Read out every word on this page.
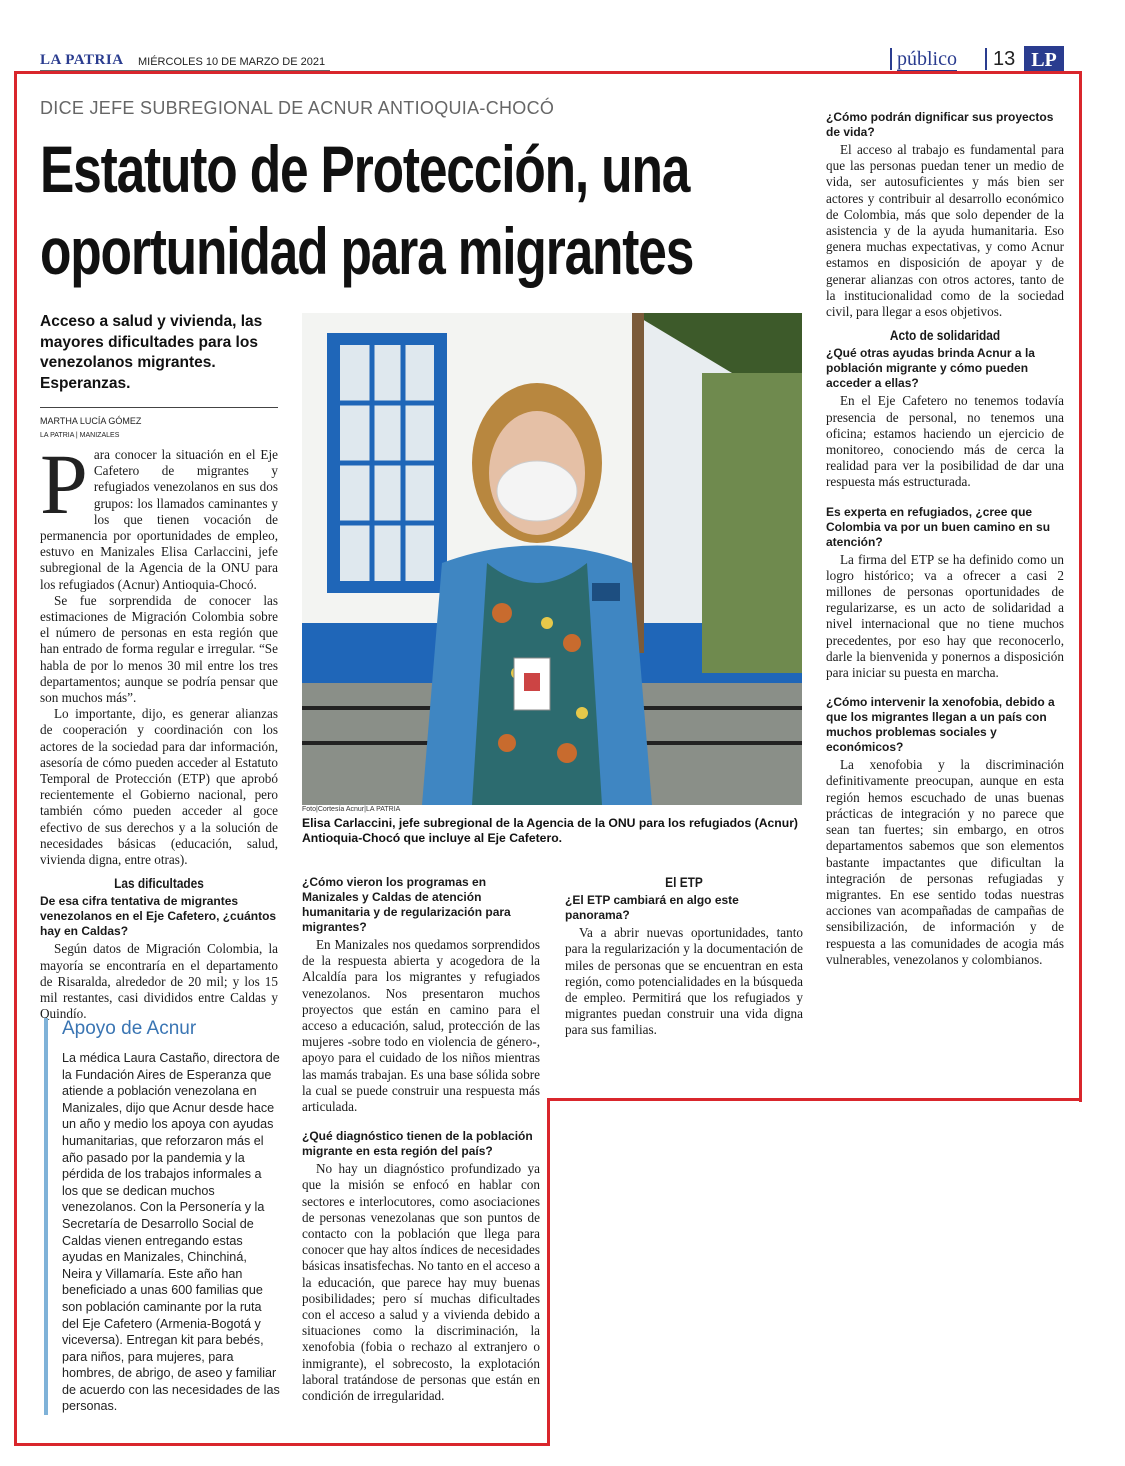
LA PATRIA MIÉRCOLES 10 DE MARZO DE 2021	público	13 LP
DICE JEFE SUBREGIONAL DE ACNUR ANTIOQUIA-CHOCÓ
Estatuto de Protección, una
oportunidad para migrantes
Acceso a salud y vivienda, las mayores dificultades para los venezolanos migrantes. Esperanzas.
MARTHA LUCÍA GÓMEZ
LA PATRIA | MANIZALES
P ara conocer la situación en el Eje Cafetero de migrantes y refugiados venezolanos en sus dos grupos: los llamados caminantes y los que tienen vocación de permanencia por oportunidades de empleo, estuvo en Manizales Elisa Carlaccini, jefe subregional de la Agencia de la ONU para los refugiados (Acnur) Antioquia-Chocó.

Se fue sorprendida de conocer las estimaciones de Migración Colombia sobre el número de personas en esta región que han entrado de forma regular e irregular. “Se habla de por lo menos 30 mil entre los tres departamentos; aunque se podría pensar que son muchos más”.

Lo importante, dijo, es generar alianzas de cooperación y coordinación con los actores de la sociedad para dar información, asesoría de cómo pueden acceder al Estatuto Temporal de Protección (ETP) que aprobó recientemente el Gobierno nacional, pero también cómo pueden acceder al goce efectivo de sus derechos y a la solución de necesidades básicas (educación, salud, vivienda digna, entre otras).

Las dificultades
De esa cifra tentativa de migrantes venezolanos en el Eje Cafetero, ¿cuántos hay en Caldas?

Según datos de Migración Colombia, la mayoría se encontraría en el departamento de Risaralda, alrededor de 20 mil; y los 15 mil restantes, casi divididos entre Caldas y Quindío.

Apoyo de Acnur
La médica Laura Castaño, directora de la Fundación Aires de Esperanza que atiende a población venezolana en Manizales, dijo que Acnur desde hace un año y medio los apoya con ayudas humanitarias, que reforzaron más el año pasado por la pandemia y la pérdida de los trabajos informales a los que se dedican muchos venezolanos. Con la Personería y la Secretaría de Desarrollo Social de Caldas vienen entregando estas ayudas en Manizales, Chinchiná, Neira y Villamaría. Este año han beneficiado a unas 600 familias que son población caminante por la ruta del Eje Cafetero (Armenia-Bogotá y viceversa). Entregan kit para bebés, para niños, para mujeres, para hombres, de abrigo, de aseo y familiar de acuerdo con las necesidades de las personas.
Foto|Cortesía Acnur|LA PATRIA
Elisa Carlaccini, jefe subregional de la Agencia de la ONU para los refugiados (Acnur) Antioquia-Chocó que incluye al Eje Cafetero.
¿Cómo vieron los programas en Manizales y Caldas de atención humanitaria y de regularización para migrantes?

En Manizales nos quedamos sorprendidos de la respuesta abierta y acogedora de la Alcaldía para los migrantes y refugiados venezolanos. Nos presentaron muchos proyectos que están en camino para el acceso a educación, salud, protección de las mujeres -sobre todo en violencia de género-, apoyo para el cuidado de los niños mientras las mamás trabajan. Es una base sólida sobre la cual se puede construir una respuesta más articulada.

¿Qué diagnóstico tienen de la población migrante en esta región del país?

No hay un diagnóstico profundizado ya que la misión se enfocó en hablar con sectores e interlocutores, como asociaciones de personas venezolanas que son puntos de contacto con la población que llega para conocer que hay altos índices de necesidades básicas insatisfechas. No tanto en el acceso a la educación, que parece hay muy buenas posibilidades; pero sí muchas dificultades con el acceso a salud y a vivienda debido a situaciones como la discriminación, la xenofobia (fobia o rechazo al extranjero o inmigrante), el sobrecosto, la explotación laboral tratándose de personas que están en condición de irregularidad.

El ETP
¿El ETP cambiará en algo este panorama?

Va a abrir nuevas oportunidades, tanto para la regularización y la documentación de miles de personas que se encuentran en esta región, como potencialidades en la búsqueda de empleo. Permitirá que los refugiados y migrantes puedan construir una vida digna para sus familias.

¿Cómo podrán dignificar sus proyectos de vida?

El acceso al trabajo es fundamental para que las personas puedan tener un medio de vida, ser autosuficientes y más bien ser actores y contribuir al desarrollo económico de Colombia, más que solo depender de la asistencia y de la ayuda humanitaria. Eso genera muchas expectativas, y como Acnur estamos en disposición de apoyar y de generar alianzas con otros actores, tanto de la institucionalidad como de la sociedad civil, para llegar a esos objetivos.

Acto de solidaridad
¿Qué otras ayudas brinda Acnur a la población migrante y cómo pueden acceder a ellas?

En el Eje Cafetero no tenemos todavía presencia de personal, no tenemos una oficina; estamos haciendo un ejercicio de monitoreo, conociendo más de cerca la realidad para ver la posibilidad de dar una respuesta más estructurada.

Es experta en refugiados, ¿cree que Colombia va por un buen camino en su atención?

La firma del ETP se ha definido como un logro histórico; va a ofrecer a casi 2 millones de personas oportunidades de regularizarse, es un acto de solidaridad a nivel internacional que no tiene muchos precedentes, por eso hay que reconocerlo, darle la bienvenida y ponernos a disposición para iniciar su puesta en marcha.

¿Cómo intervenir la xenofobia, debido a que los migrantes llegan a un país con muchos problemas sociales y económicos?

La xenofobia y la discriminación definitivamente preocupan, aunque en esta región hemos escuchado de unas buenas prácticas de integración y no parece que sean tan fuertes; sin embargo, en otros departamentos sabemos que son elementos bastante impactantes que dificultan la integración de personas refugiadas y migrantes. En ese sentido todas nuestras acciones van acompañadas de campañas de sensibilización, de información y de respuesta a las comunidades de acogia más vulnerables, venezolanos y colombianos.
